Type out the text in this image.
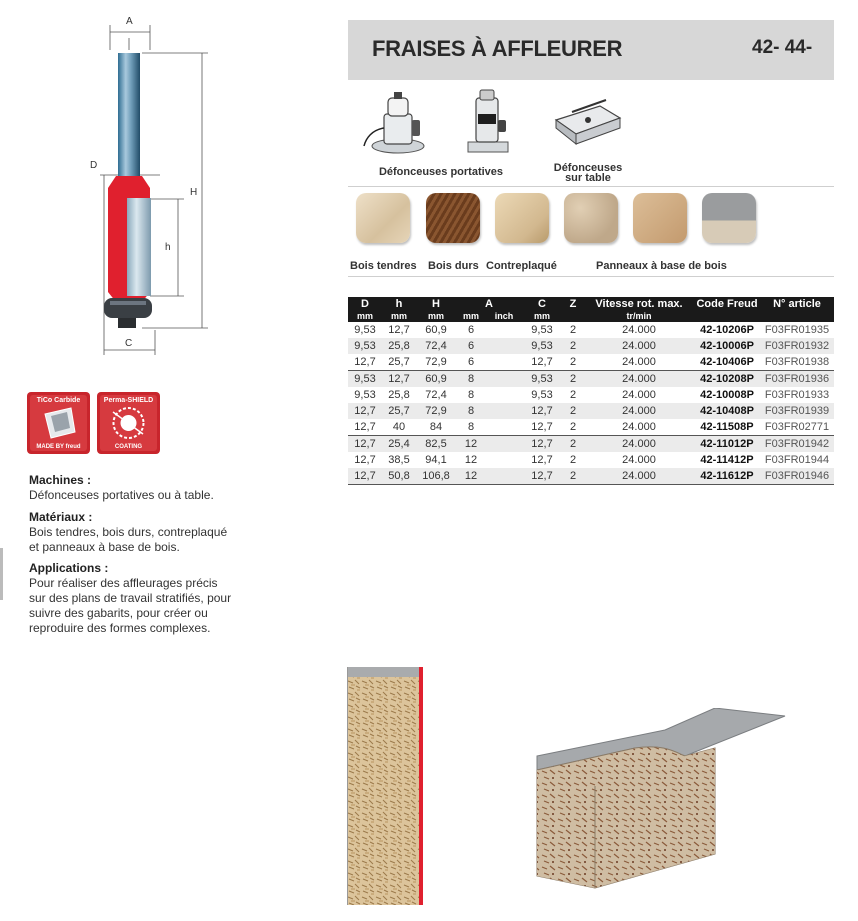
A
H
D
h
C
FRAISES À AFFLEURER	42- 44-
Défonceuses portatives	Défonceuses
sur table
Bois tendres Bois durs Contreplaqué	Panneaux à base de bois
D	h	H	A		C	Z	Vitesse rot. max.	Code Freud	N° article
mm	mm	mm	mm	inch	mm		tr/min		
9,53	12,7	60,9	6		9,53	2	24.000	42-10206P	F03FR01935
9,53	25,8	72,4	6		9,53	2	24.000	42-10006P	F03FR01932
12,7	25,7	72,9	6		12,7	2	24.000	42-10406P	F03FR01938
9,53	12,7	60,9	8		9,53	2	24.000	42-10208P	F03FR01936
9,53	25,8	72,4	8		9,53	2	24.000	42-10008P	F03FR01933
12,7	25,7	72,9	8		12,7	2	24.000	42-10408P	F03FR01939
12,7	40	84	8		12,7	2	24.000	42-11508P	F03FR02771
12,7	25,4	82,5	12		12,7	2	24.000	42-11012P	F03FR01942
12,7	38,5	94,1	12		12,7	2	24.000	42-11412P	F03FR01944
12,7	50,8	106,8	12		12,7	2	24.000	42-11612P	F03FR01946
TiCo Carbide
MADE BY freud
Perma-SHIELD
COATING
Machines :
Défonceuses portatives ou à table.
Matériaux :
Bois tendres, bois durs, contreplaqué
et panneaux à base de bois.
Applications :
Pour réaliser des affleurages précis
sur des plans de travail stratifiés, pour
suivre des gabarits, pour créer ou
reproduire des formes complexes.
